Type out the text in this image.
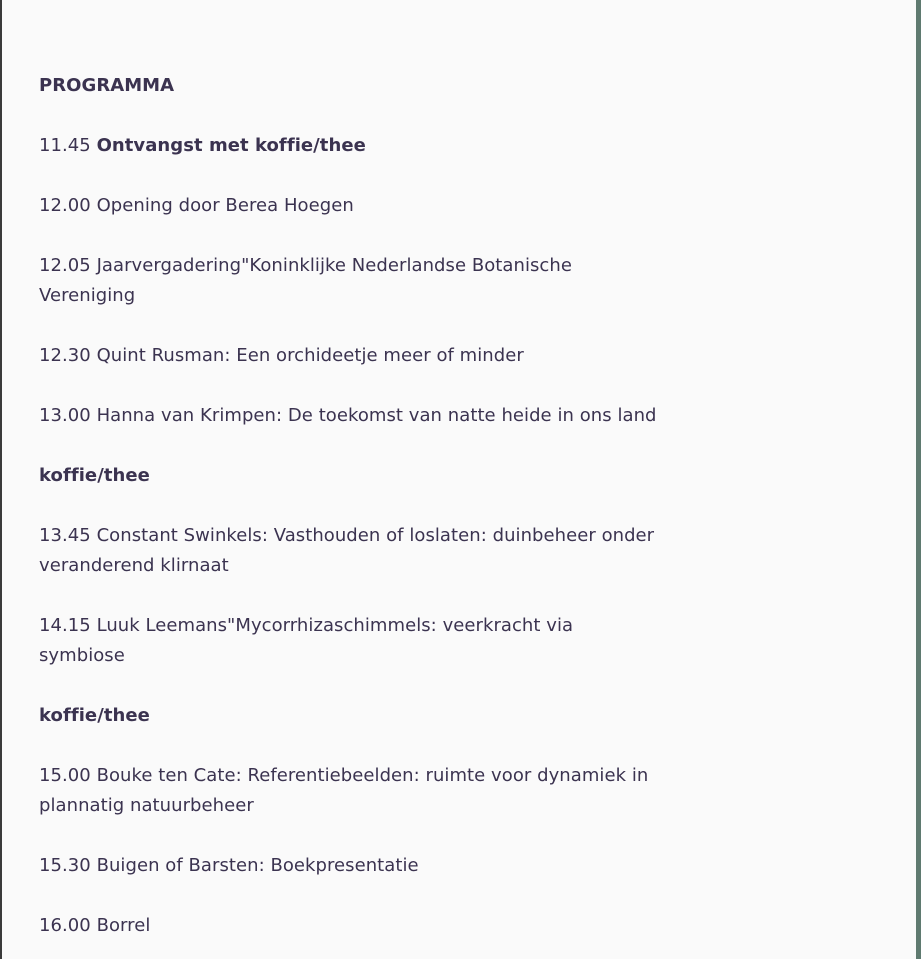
PROGRAMMA

11.45 Ontvangst met koffie/thee

12.00 Opening door Berea Hoegen

12.05 Jaarvergadering"Koninklijke Nederlandse Botanische Vereniging

12.30 Quint Rusman: Een orchideetje meer of minder

13.00 Hanna van Krimpen: De toekomst van natte heide in ons land

koffie/thee

13.45 Constant Swinkels: Vasthouden of loslaten: duinbeheer onder veranderend klirnaat

14.15 Luuk Leemans"Mycorrhizaschimmels: veerkracht via symbiose

koffie/thee

15.00 Bouke ten Cate: Referentiebeelden: ruimte voor dynamiek in plannatig natuurbeheer

15.30 Buigen of Barsten: Boekpresentatie

16.00 Borrel
